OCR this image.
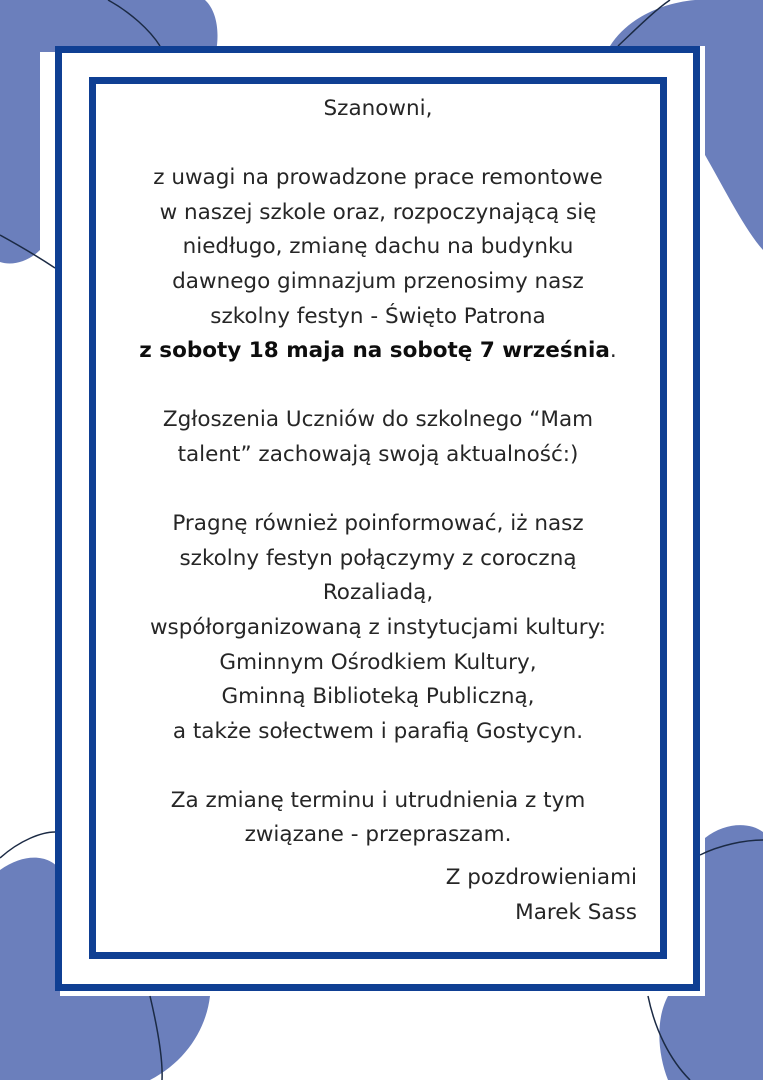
Szanowni,

z uwagi na prowadzone prace remontowe
w naszej szkole oraz, rozpoczynającą się
niedługo, zmianę dachu na budynku
dawnego gimnazjum przenosimy nasz
szkolny festyn - Święto Patrona
z soboty 18 maja na sobotę 7 września.

Zgłoszenia Uczniów do szkolnego “Mam
talent” zachowają swoją aktualność:)

Pragnę również poinformować, iż nasz
szkolny festyn połączymy z coroczną
Rozaliadą,
współorganizowaną z instytucjami kultury:
Gminnym Ośrodkiem Kultury,
Gminną Biblioteką Publiczną,
a także sołectwem i parafią Gostycyn.

Za zmianę terminu i utrudnienia z tym
związane - przepraszam.

Z pozdrowieniami
Marek Sass
